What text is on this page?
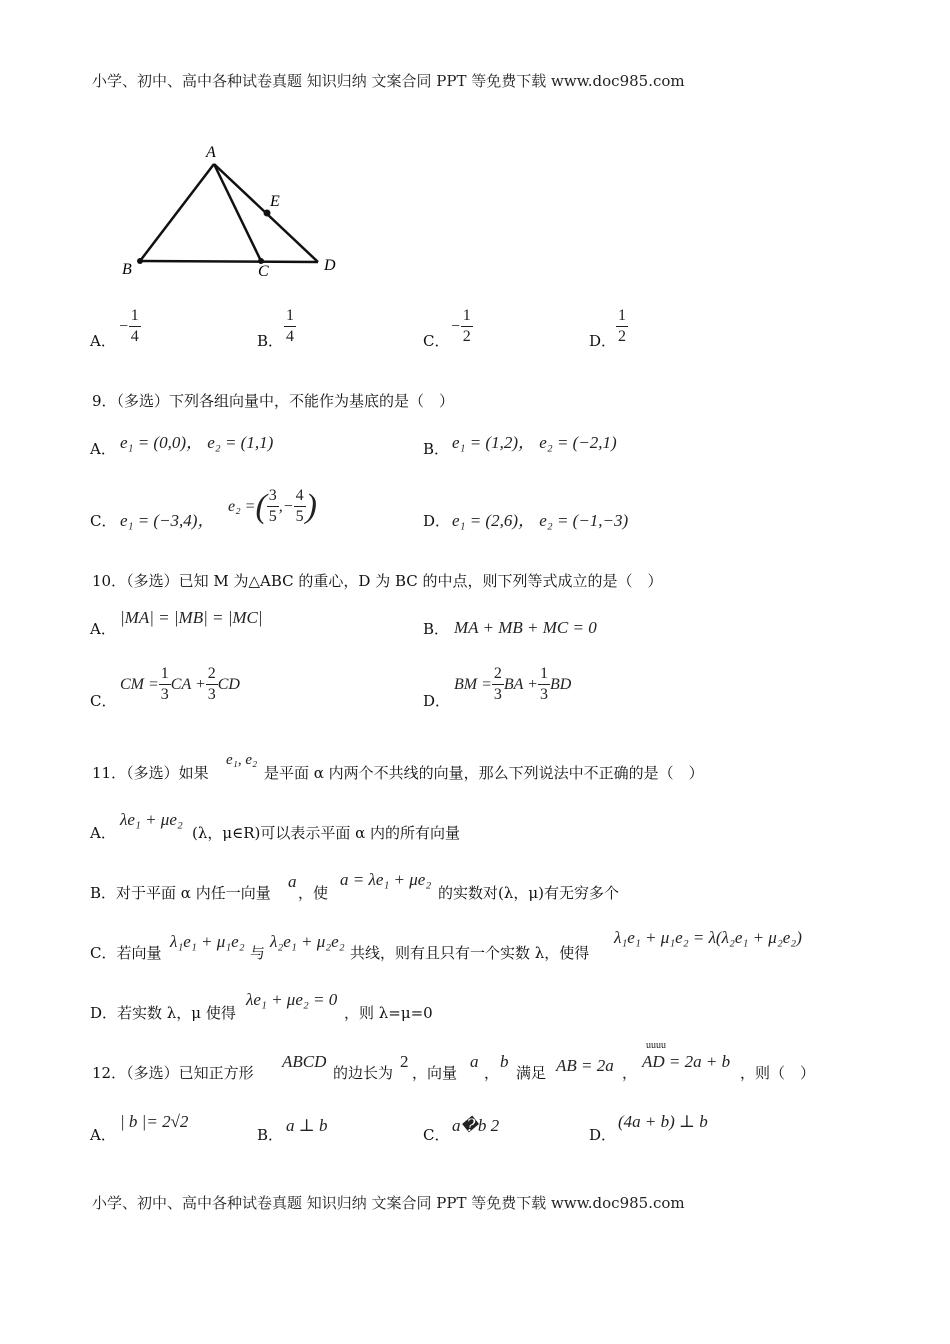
小学、初中、高中各种试卷真题 知识归纳 文案合同 PPT 等免费下载 www.doc985.com
A
B	C	D
E
A．
− $\frac{1}{4}$	B． $\frac{1}{4}$	C．
− $\frac{1}{2}$	D． $\frac{1}{2}$
9．（多选）下列各组向量中，不能作为基底的是（　）
A． e₁ = (0,0)， e₂ = (1,1)	B． e₁ = (1,2)， e₂ = (−2,1)
C． e₁ = (−3,4)，
e₂ =( $\frac{3}{5}$ ,− $\frac{4}{5}$ )	D． e₁ = (2,6)， e₂ = (−1,−3)
10．（多选）已知 M 为△ABC 的重心，D 为 BC 的中点，则下列等式成立的是（　）
A．
|MA| = |MB| = |MC|
B． MA + MB + MC = 0
C．
CM = $\frac{1}{3}$ CA + $\frac{2}{3}$ CD
D．
BM = $\frac{2}{3}$ BA + $\frac{1}{3}$ BD
11．（多选）如果
e₁, e₂
是平面 α 内两个不共线的向量，那么下列说法中不正确的是（　）
A．
λe₁ + μe₂
(λ，μ∈R)可以表示平面 α 内的所有向量
B．对于平面 α 内任一向量
a
，使
a = λe₁ + μe₂
的实数对(λ，μ)有无穷多个
C．若向量
λ₁e₁ + μ₁e₂
与
λ₂e₁ + μ₂e₂
共线，则有且只有一个实数 λ，使得
λ₁e₁ + μ₁e₂ = λ(λ₂e₁ + μ₂e₂)
D．若实数 λ，μ 使得
λe₁ + μe₂ = 0
，则 λ=μ=0
12．（多选）已知正方形
ABCD
的边长为
2
，向量
a
，
b
满足 AB = 2a ，
uuuu
AD = 2a + b
，则（　）
A．
| b |= 2√2
B． a ⊥ b	C． a�b 2	D．
(4a + b) ⊥ b
小学、初中、高中各种试卷真题 知识归纳 文案合同 PPT 等免费下载 www.doc985.com
